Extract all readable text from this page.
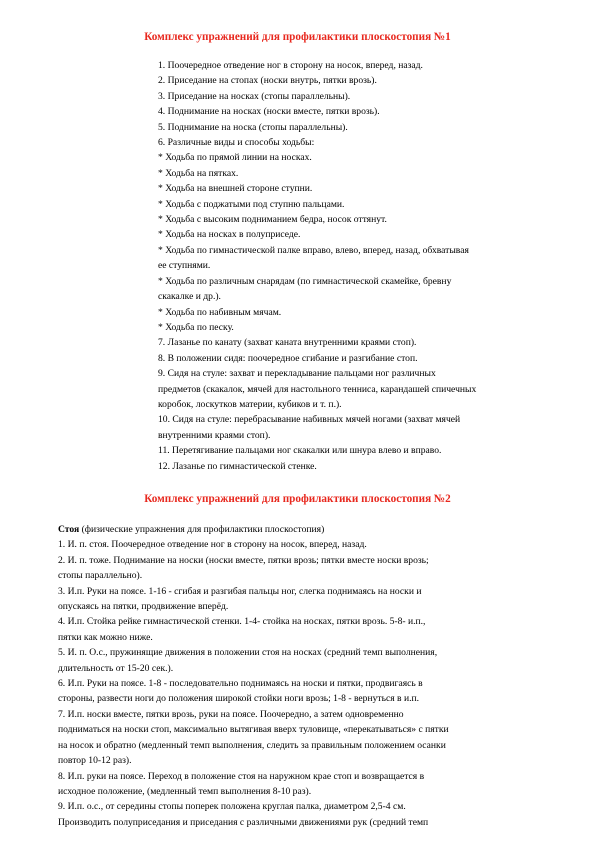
Комплекс упражнений для профилактики плоскостопия №1
1. Поочередное отведение ног в сторону на носок, вперед, назад.
2. Приседание на стопах (носки внутрь, пятки врозь).
3. Приседание на носках (стопы параллельны).
4. Поднимание на носках (носки вместе, пятки врозь).
5. Поднимание на носка (стопы параллельны).
6. Различные виды и способы ходьбы:
* Ходьба по прямой линии на носках.
* Ходьба на пятках.
* Ходьба на внешней стороне ступни.
* Ходьба с поджатыми под ступню пальцами.
* Ходьба с высоким подниманием бедра, носок оттянут.
* Ходьба на носках в полуприседе.
* Ходьба по гимнастической палке вправо, влево, вперед, назад, обхватывая
ее ступнями.
* Ходьба по различным снарядам (по гимнастической скамейке, бревну
скакалке и др.).
* Ходьба по набивным мячам.
* Ходьба по песку.
7. Лазанье по канату (захват каната внутренними краями стоп).
8. В положении сидя: поочередное сгибание и разгибание стоп.
9. Сидя на стуле: захват и перекладывание пальцами ног различных
предметов (скакалок, мячей для настольного тенниса, карандашей спичечных
коробок, лоскутков материи, кубиков и т. п.).
10. Сидя на стуле: перебрасывание набивных мячей ногами (захват мячей
внутренними краями стоп).
11. Перетягивание пальцами ног скакалки или шнура влево и вправо.
12. Лазанье по гимнастической стенке.
Комплекс упражнений для профилактики плоскостопия №2
Стоя (физические упражнения для профилактики плоскостопия)
1. И. п. стоя. Поочередное отведение ног в сторону на носок, вперед, назад.
2. И. п. тоже. Поднимание на носки (носки вместе, пятки врозь; пятки вместе носки врозь;
стопы параллельно).
3. И.п. Руки на поясе. 1-16 - сгибая и разгибая пальцы ног, слегка поднимаясь на носки и
опускаясь на пятки, продвижение вперёд.
4. И.п. Стойка рейке гимнастической стенки. 1-4- стойка на носках, пятки врозь. 5-8- и.п.,
пятки как можно ниже.
5. И. п. О.с., пружинящие движения в положении стоя на носках (средний темп выполнения,
длительность от 15-20 сек.).
6. И.п. Руки на поясе. 1-8 - последовательно поднимаясь на носки и пятки, продвигаясь в
стороны, развести ноги до положения широкой стойки ноги врозь; 1-8 - вернуться в и.п.
7. И.п. носки вместе, пятки врозь, руки на поясе. Поочередно, а затем одновременно
подниматься на носки стоп, максимально вытягивая вверх туловище, «перекатываться» с пятки
на носок и обратно (медленный темп выполнения, следить за правильным положением осанки
повтор 10-12 раз).
8. И.п. руки на поясе. Переход в положение стоя на наружном крае стоп и возвращается в
исходное положение, (медленный темп выполнения 8-10 раз).
9. И.п. о.с., от середины стопы поперек положена круглая палка, диаметром 2,5-4 см.
Производить полуприседания и приседания с различными движениями рук (средний темп
